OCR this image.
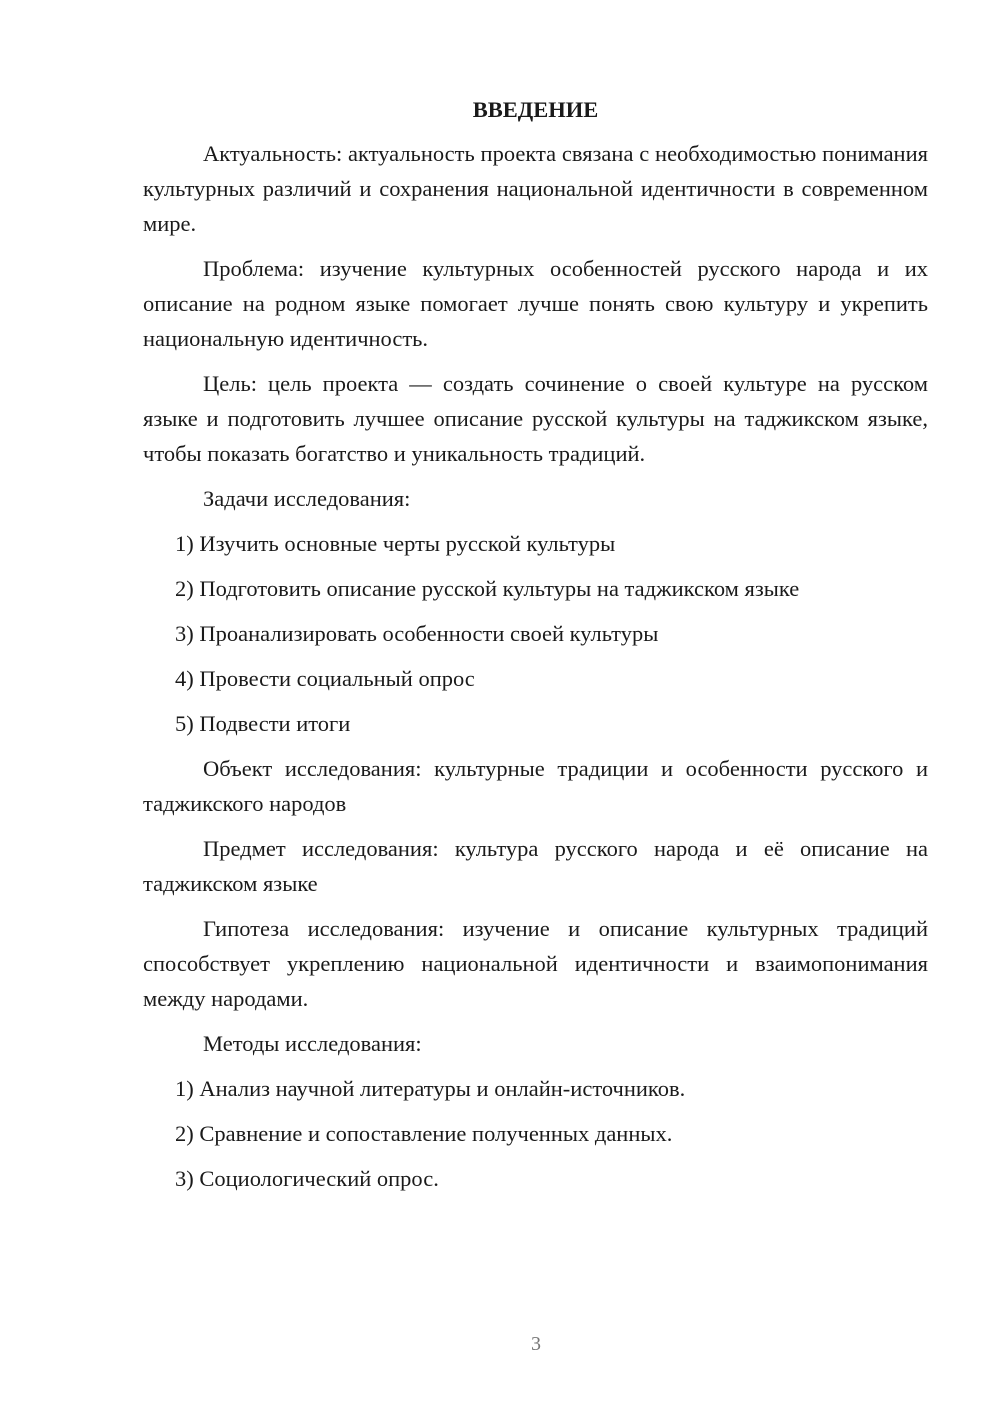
ВВЕДЕНИЕ

Актуальность: актуальность проекта связана с необходимостью понимания культурных различий и сохранения национальной идентичности в современном мире.

Проблема: изучение культурных особенностей русского народа и их описание на родном языке помогает лучше понять свою культуру и укрепить национальную идентичность.

Цель: цель проекта — создать сочинение о своей культуре на русском языке и подготовить лучшее описание русской культуры на таджикском языке, чтобы показать богатство и уникальность традиций.

Задачи исследования:

1) Изучить основные черты русской культуры

2) Подготовить описание русской культуры на таджикском языке

3) Проанализировать особенности своей культуры

4) Провести социальный опрос

5) Подвести итоги

Объект исследования: культурные традиции и особенности русского и таджикского народов

Предмет исследования: культура русского народа и её описание на таджикском языке

Гипотеза исследования: изучение и описание культурных традиций способствует укреплению национальной идентичности и взаимопонимания между народами.

Методы исследования:

1) Анализ научной литературы и онлайн-источников.

2) Сравнение и сопоставление полученных данных.

3) Социологический опрос.

3
